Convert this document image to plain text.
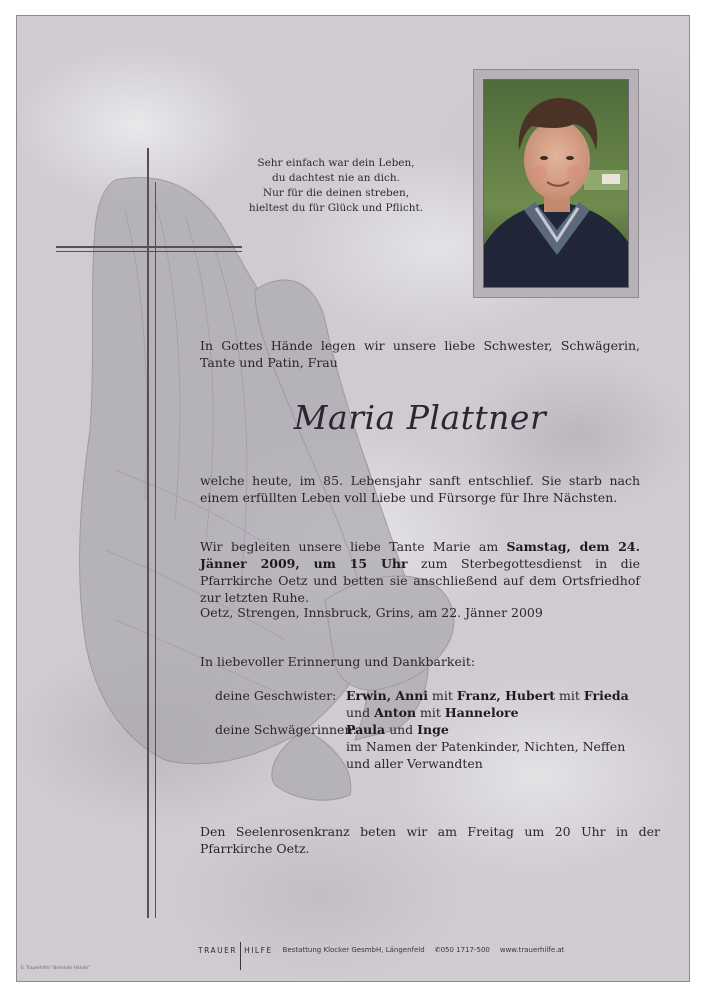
Sehr einfach war dein Leben,
du dachtest nie an dich.
Nur für die deinen streben,
hieltest du für Glück und Pflicht.
In Gottes Hände legen wir unsere liebe Schwester, Schwägerin, Tante und Patin, Frau
Maria Plattner
welche heute, im 85. Lebensjahr sanft entschlief. Sie starb nach einem erfüllten Leben voll Liebe und Fürsorge für Ihre Nächsten.
Wir begleiten unsere liebe Tante Marie am Samstag, dem 24. Jänner 2009, um 15 Uhr zum Sterbegottesdienst in die Pfarrkirche Oetz und betten sie anschließend auf dem Ortsfriedhof zur letzten Ruhe.
Oetz, Strengen, Innsbruck, Grins, am 22. Jänner 2009
In liebevoller Erinnerung und Dankbarkeit:
deine Geschwister: Erwin, Anni mit Franz, Hubert mit Frieda
und Anton mit Hannelore
deine Schwägerinnen:
Paula und Inge
im Namen der Patenkinder, Nichten, Neffen
und aller Verwandten
Den Seelenrosenkranz beten wir am Freitag um 20 Uhr in der Pfarrkirche Oetz.
TRAUER HILFE Bestattung Klocker GesmbH, Längenfeld ✆050 1717-500 www.trauerhilfe.at
© Trauerhilfe "Betende Hände"
